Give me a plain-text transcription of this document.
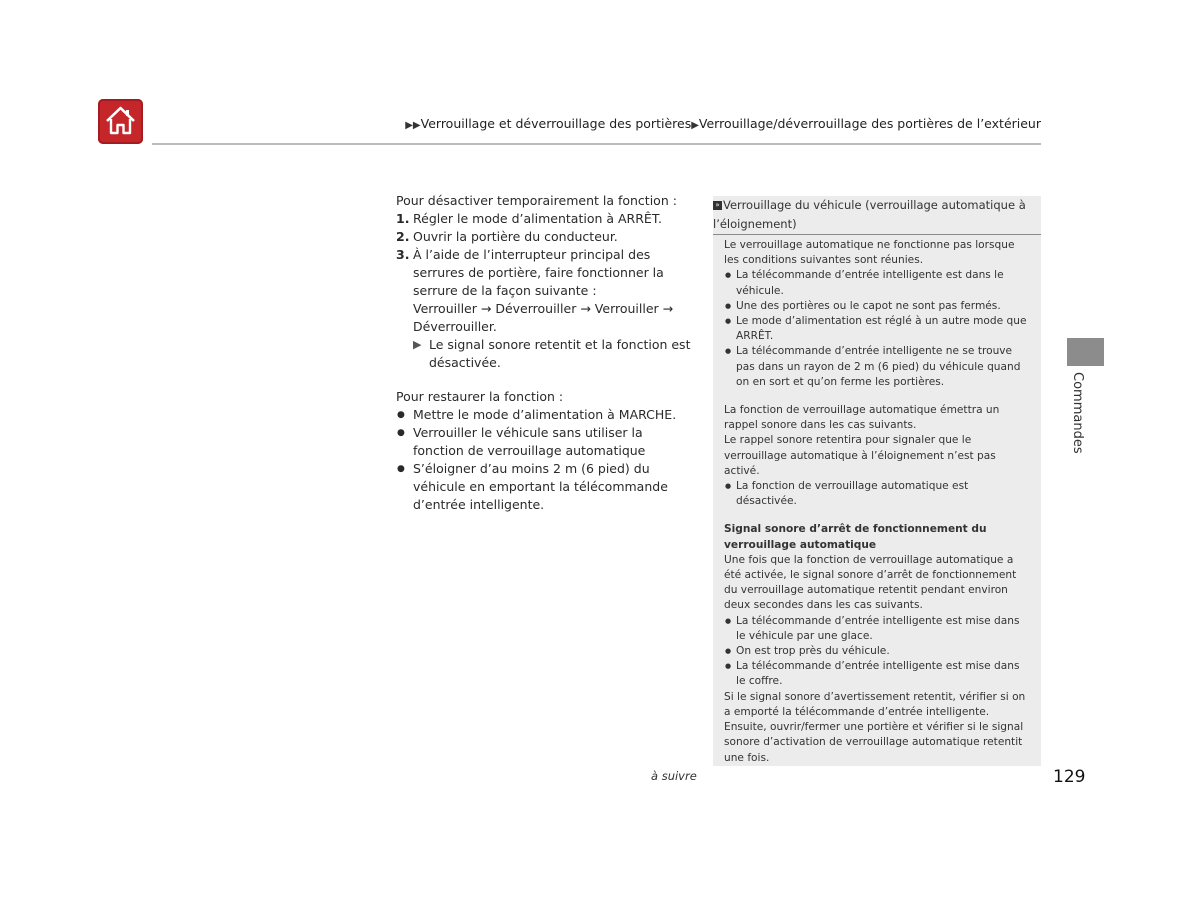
▶▶Verrouillage et déverrouillage des portières▶Verrouillage/déverrouillage des portières de l’extérieur

Pour désactiver temporairement la fonction :

1. Régler le mode d’alimentation à ARRÊT.
2. Ouvrir la portière du conducteur.
3. À l’aide de l’interrupteur principal des serrures de portière, faire fonctionner la serrure de la façon suivante :
Verrouiller → Déverrouiller → Verrouiller → Déverrouiller.
▶ Le signal sonore retentit et la fonction est désactivée.

Pour restaurer la fonction :

● Mettre le mode d’alimentation à MARCHE.
● Verrouiller le véhicule sans utiliser la fonction de verrouillage automatique
● S’éloigner d’au moins 2 m (6 pied) du véhicule en emportant la télécommande d’entrée intelligente.
» Verrouillage du véhicule (verrouillage automatique à
l’éloignement)

Le verrouillage automatique ne fonctionne pas lorsque les conditions suivantes sont réunies.

● La télécommande d’entrée intelligente est dans le véhicule.
● Une des portières ou le capot ne sont pas fermés.
● Le mode d’alimentation est réglé à un autre mode que ARRÊT.
● La télécommande d’entrée intelligente ne se trouve pas dans un rayon de 2 m (6 pied) du véhicule quand on en sort et qu’on ferme les portières.

La fonction de verrouillage automatique émettra un rappel sonore dans les cas suivants.

Le rappel sonore retentira pour signaler que le verrouillage automatique à l’éloignement n’est pas activé.

● La fonction de verrouillage automatique est désactivée.

Signal sonore d’arrêt de fonctionnement du verrouillage automatique

Une fois que la fonction de verrouillage automatique a été activée, le signal sonore d’arrêt de fonctionnement du verrouillage automatique retentit pendant environ deux secondes dans les cas suivants.

● La télécommande d’entrée intelligente est mise dans le véhicule par une glace.
● On est trop près du véhicule.
● La télécommande d’entrée intelligente est mise dans le coffre.

Si le signal sonore d’avertissement retentit, vérifier si on a emporté la télécommande d’entrée intelligente. Ensuite, ouvrir/fermer une portière et vérifier si le signal sonore d’activation de verrouillage automatique retentit une fois.

Commandes
à suivre	129
